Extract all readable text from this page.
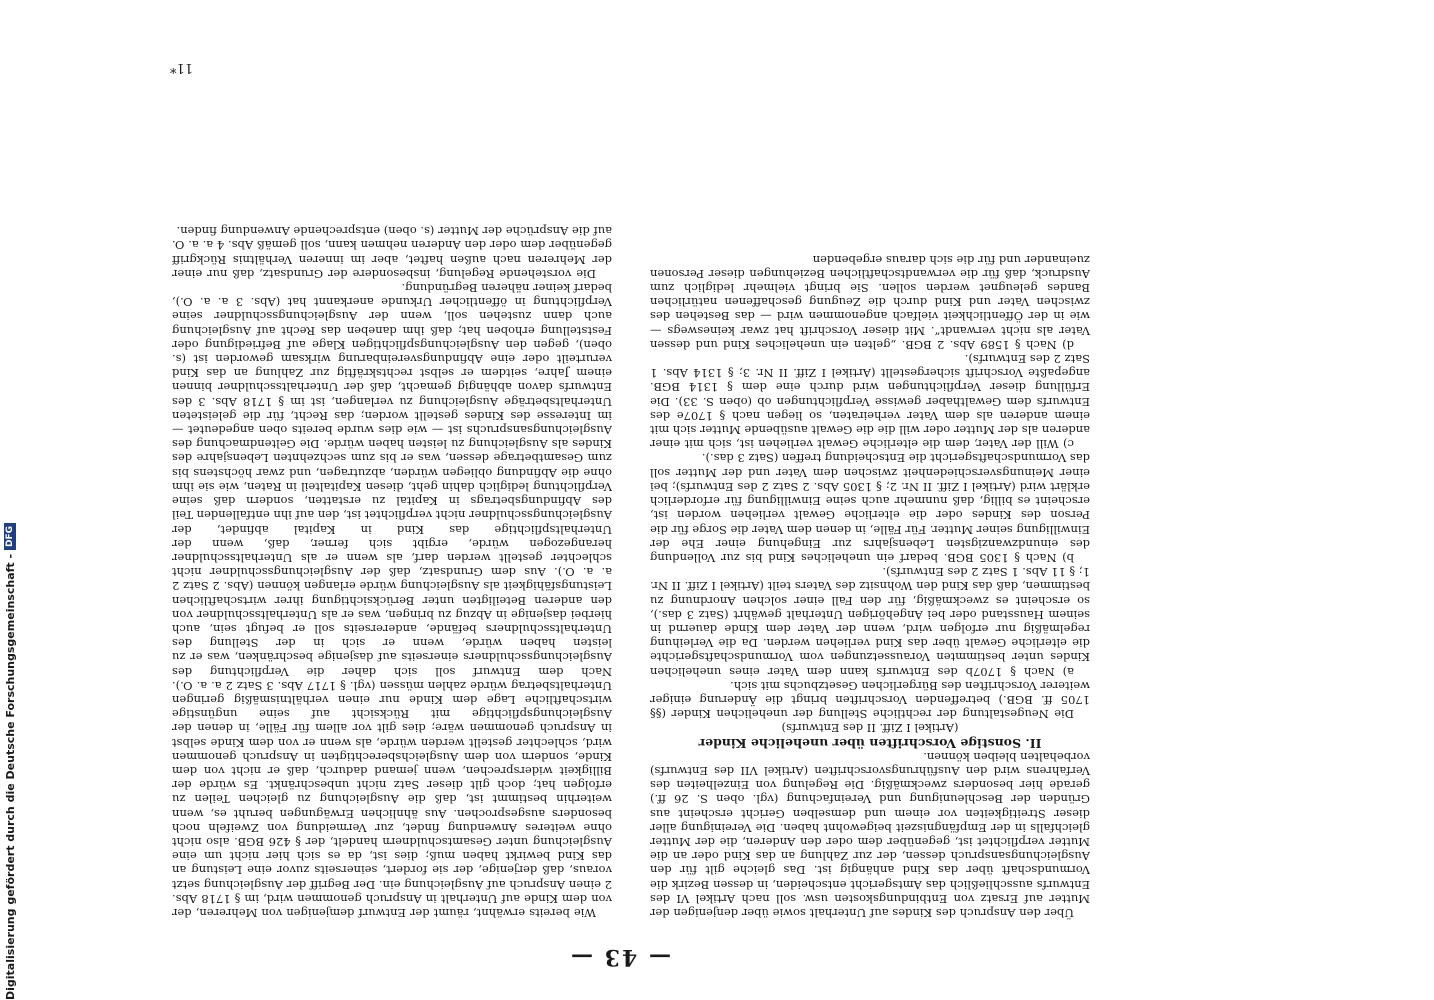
Digitalisierung gefördert durch die Deutsche Forschungsgemeinschaft -
DFG
— 43 —

Über den Anspruch des Kindes auf Unterhalt sowie über denjenigen der Mutter auf Ersatz von Entbindungskosten usw. soll nach Artikel VI des Entwurfs ausschließlich das Amtsgericht entscheiden, in dessen Bezirk die Vormundschaft über das Kind anhängig ist. Das gleiche gilt für den Ausgleichungsanspruch dessen, der zur Zahlung an das Kind oder an die Mutter verpflichtet ist, gegenüber dem oder den Anderen, die der Mutter gleichfalls in der Empfängniszeit beigewohnt haben. Die Vereinigung aller dieser Streitigkeiten vor einem und demselben Gericht erscheint aus Gründen der Beschleunigung und Vereinfachung (vgl. oben S. 26 ff.) gerade hier besonders zweckmäßig. Die Regelung von Einzelheiten des Verfahrens wird den Ausführungsvorschriften (Artikel VII des Entwurfs) vorbehalten bleiben können.

II. Sonstige Vorschriften über uneheliche Kinder

(Artikel I Ziff. II des Entwurfs)

Die Neugestaltung der rechtliche Stellung der unehelichen Kinder (§§ 1705 ff. BGB.) betreffenden Vorschriften bringt die Änderung einiger weiterer Vorschriften des Bürgerlichen Gesetzbuchs mit sich.

a) Nach § 1707b des Entwurfs kann dem Vater eines unehelichen Kindes unter bestimmten Voraussetzungen vom Vormundschaftsgerichte die elterliche Gewalt über das Kind verliehen werden. Da die Verleihung regelmäßig nur erfolgen wird, wenn der Vater dem Kinde dauernd in seinem Hausstand oder bei Angehörigen Unterhalt gewährt (Satz 3 das.), so erscheint es zweckmäßig, für den Fall einer solchen Anordnung zu bestimmen, daß das Kind den Wohnsitz des Vaters teilt (Artikel I Ziff. II Nr. 1; § 11 Abs. 1 Satz 2 des Entwurfs).

b) Nach § 1305 BGB. bedarf ein uneheliches Kind bis zur Vollendung des einundzwanzigsten Lebensjahrs zur Eingehung einer Ehe der Einwilligung seiner Mutter. Für Fälle, in denen dem Vater die Sorge für die Person des Kindes oder die elterliche Gewalt verliehen worden ist, erscheint es billig, daß nunmehr auch seine Einwilligung für erforderlich erklärt wird (Artikel I Ziff. II Nr. 2; § 1305 Abs. 2 Satz 2 des Entwurfs); bei einer Meinungsverschiedenheit zwischen dem Vater und der Mutter soll das Vormundschaftsgericht die Entscheidung treffen (Satz 3 das.).

c) Will der Vater, dem die elterliche Gewalt verliehen ist, sich mit einer anderen als der Mutter oder will die die Gewalt ausübende Mutter sich mit einem anderen als dem Vater verheiraten, so liegen nach § 1707e des Entwurfs dem Gewalthaber gewisse Verpflichtungen ob (oben S. 33). Die Erfüllung dieser Verpflichtungen wird durch eine dem § 1314 BGB. angepaßte Vorschrift sichergestellt (Artikel I Ziff. II Nr. 3; § 1314 Abs. 1 Satz 2 des Entwurfs).

d) Nach § 1589 Abs. 2 BGB. „gelten ein uneheliches Kind und dessen Vater als nicht verwandt“. Mit dieser Vorschrift hat zwar keineswegs — wie in der Öffentlichkeit vielfach angenommen wird — das Bestehen des zwischen Vater und Kind durch die Zeugung geschaffenen natürlichen Bandes geleugnet werden sollen. Sie bringt vielmehr lediglich zum Ausdruck, daß für die verwandtschaftlichen Beziehungen dieser Personen zueinander und für die sich daraus ergebenden

Wie bereits erwähnt, räumt der Entwurf demjenigen von Mehreren, der von dem Kinde auf Unterhalt in Anspruch genommen wird, im § 1718 Abs. 2 einen Anspruch auf Ausgleichung ein. Der Begriff der Ausgleichung setzt voraus, daß derjenige, der sie fordert, seinerseits zuvor eine Leistung an das Kind bewirkt haben muß; dies ist, da es sich hier nicht um eine Ausgleichung unter Gesamtschuldnern handelt, der § 426 BGB. also nicht ohne weiteres Anwendung findet, zur Vermeidung von Zweifeln noch besonders ausgesprochen. Aus ähnlichen Erwägungen beruht es, wenn weiterhin bestimmt ist, daß die Ausgleichung zu gleichen Teilen zu erfolgen hat; doch gilt dieser Satz nicht unbeschränkt. Es würde der Billigkeit widersprechen, wenn jemand dadurch, daß er nicht von dem Kinde, sondern von dem Ausgleichsberechtigten in Anspruch genommen wird, schlechter gestellt werden würde, als wenn er von dem Kinde selbst in Anspruch genommen wäre; dies gilt vor allem für Fälle, in denen der Ausgleichungspflichtige mit Rücksicht auf seine ungünstige wirtschaftliche Lage dem Kinde nur einen verhältnismäßig geringen Unterhaltsbetrag würde zahlen müssen (vgl. § 1717 Abs. 3 Satz 2 a. a. O.). Nach dem Entwurf soll sich daher die Verpflichtung des Ausgleichungsschuldners einerseits auf dasjenige beschränken, was er zu leisten haben würde, wenn er sich in der Stellung des Unterhaltsschuldners befände, andererseits soll er befugt sein, auch hierbei dasjenige in Abzug zu bringen, was er als Unterhaltsschuldner von den anderen Beteiligten unter Berücksichtigung ihrer wirtschaftlichen Leistungsfähigkeit als Ausgleichung würde erlangen können (Abs. 2 Satz 2 a. a. O.). Aus dem Grundsatz, daß der Ausgleichungsschuldner nicht schlechter gestellt werden darf, als wenn er als Unterhaltsschuldner herangezogen würde, ergibt sich ferner, daß, wenn der Unterhaltspflichtige das Kind in Kapital abfindet, der Ausgleichungsschuldner nicht verpflichtet ist, den auf ihn entfallenden Teil des Abfindungsbetrags in Kapital zu erstatten, sondern daß seine Verpflichtung lediglich dahin geht, diesen Kapitalteil in Raten, wie sie ihm ohne die Abfindung obliegen würden, abzutragen, und zwar höchstens bis zum Gesamtbetrage dessen, was er bis zum sechzehnten Lebensjahre des Kindes als Ausgleichung zu leisten haben würde. Die Geltendmachung des Ausgleichungsanspruchs ist — wie dies wurde bereits oben angedeutet — im Interesse des Kindes gestellt worden; das Recht, für die geleisteten Unterhaltsbeträge Ausgleichung zu verlangen, ist im § 1718 Abs. 3 des Entwurfs davon abhängig gemacht, daß der Unterhaltsschuldner binnen einem Jahre, seitdem er selbst rechtskräftig zur Zahlung an das Kind verurteilt oder eine Abfindungsvereinbarung wirksam geworden ist (s. oben), gegen den Ausgleichungspflichtigen Klage auf Befriedigung oder Feststellung erhoben hat; daß ihm daneben das Recht auf Ausgleichung auch dann zustehen soll, wenn der Ausgleichungsschuldner seine Verpflichtung in öffentlicher Urkunde anerkannt hat (Abs. 3 a. a. O.), bedarf keiner näheren Begründung.

Die vorstehende Regelung, insbesondere der Grundsatz, daß nur einer der Mehreren nach außen haftet, aber im inneren Verhältnis Rückgriff gegenüber dem oder den Anderen nehmen kann, soll gemäß Abs. 4 a. a. O. auf die Ansprüche der Mutter (s. oben) entsprechende Anwendung finden.

11*
